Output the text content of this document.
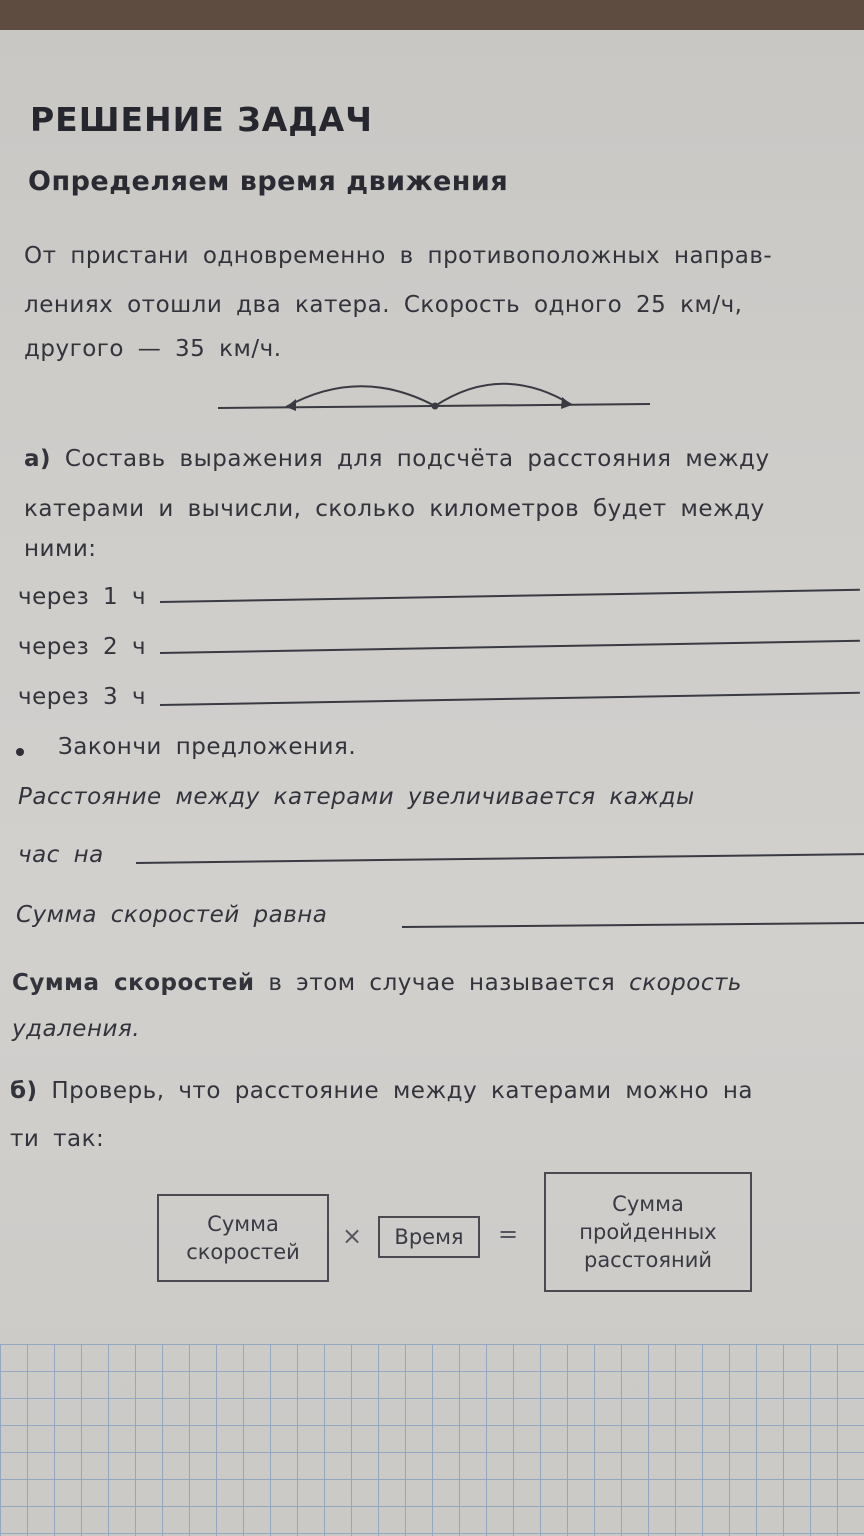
РЕШЕНИЕ ЗАДАЧ
Определяем время движения
От пристани одновременно в противоположных направ-
лениях отошли два катера. Скорость одного 25 км/ч,
другого — 35 км/ч.
а) Составь выражения для подсчёта расстояния между
катерами и вычисли, сколько километров будет между
ними:
через 1 ч
через 2 ч
через 3 ч
Закончи предложения.
Расстояние между катерами увеличивается кажды
час на
Сумма скоростей равна
Сумма скоростей в этом случае называется скорость
удаления.
б) Проверь, что расстояние между катерами можно на
ти так:
Сумма скоростей
× Время =
Сумма пройденных расстояний
